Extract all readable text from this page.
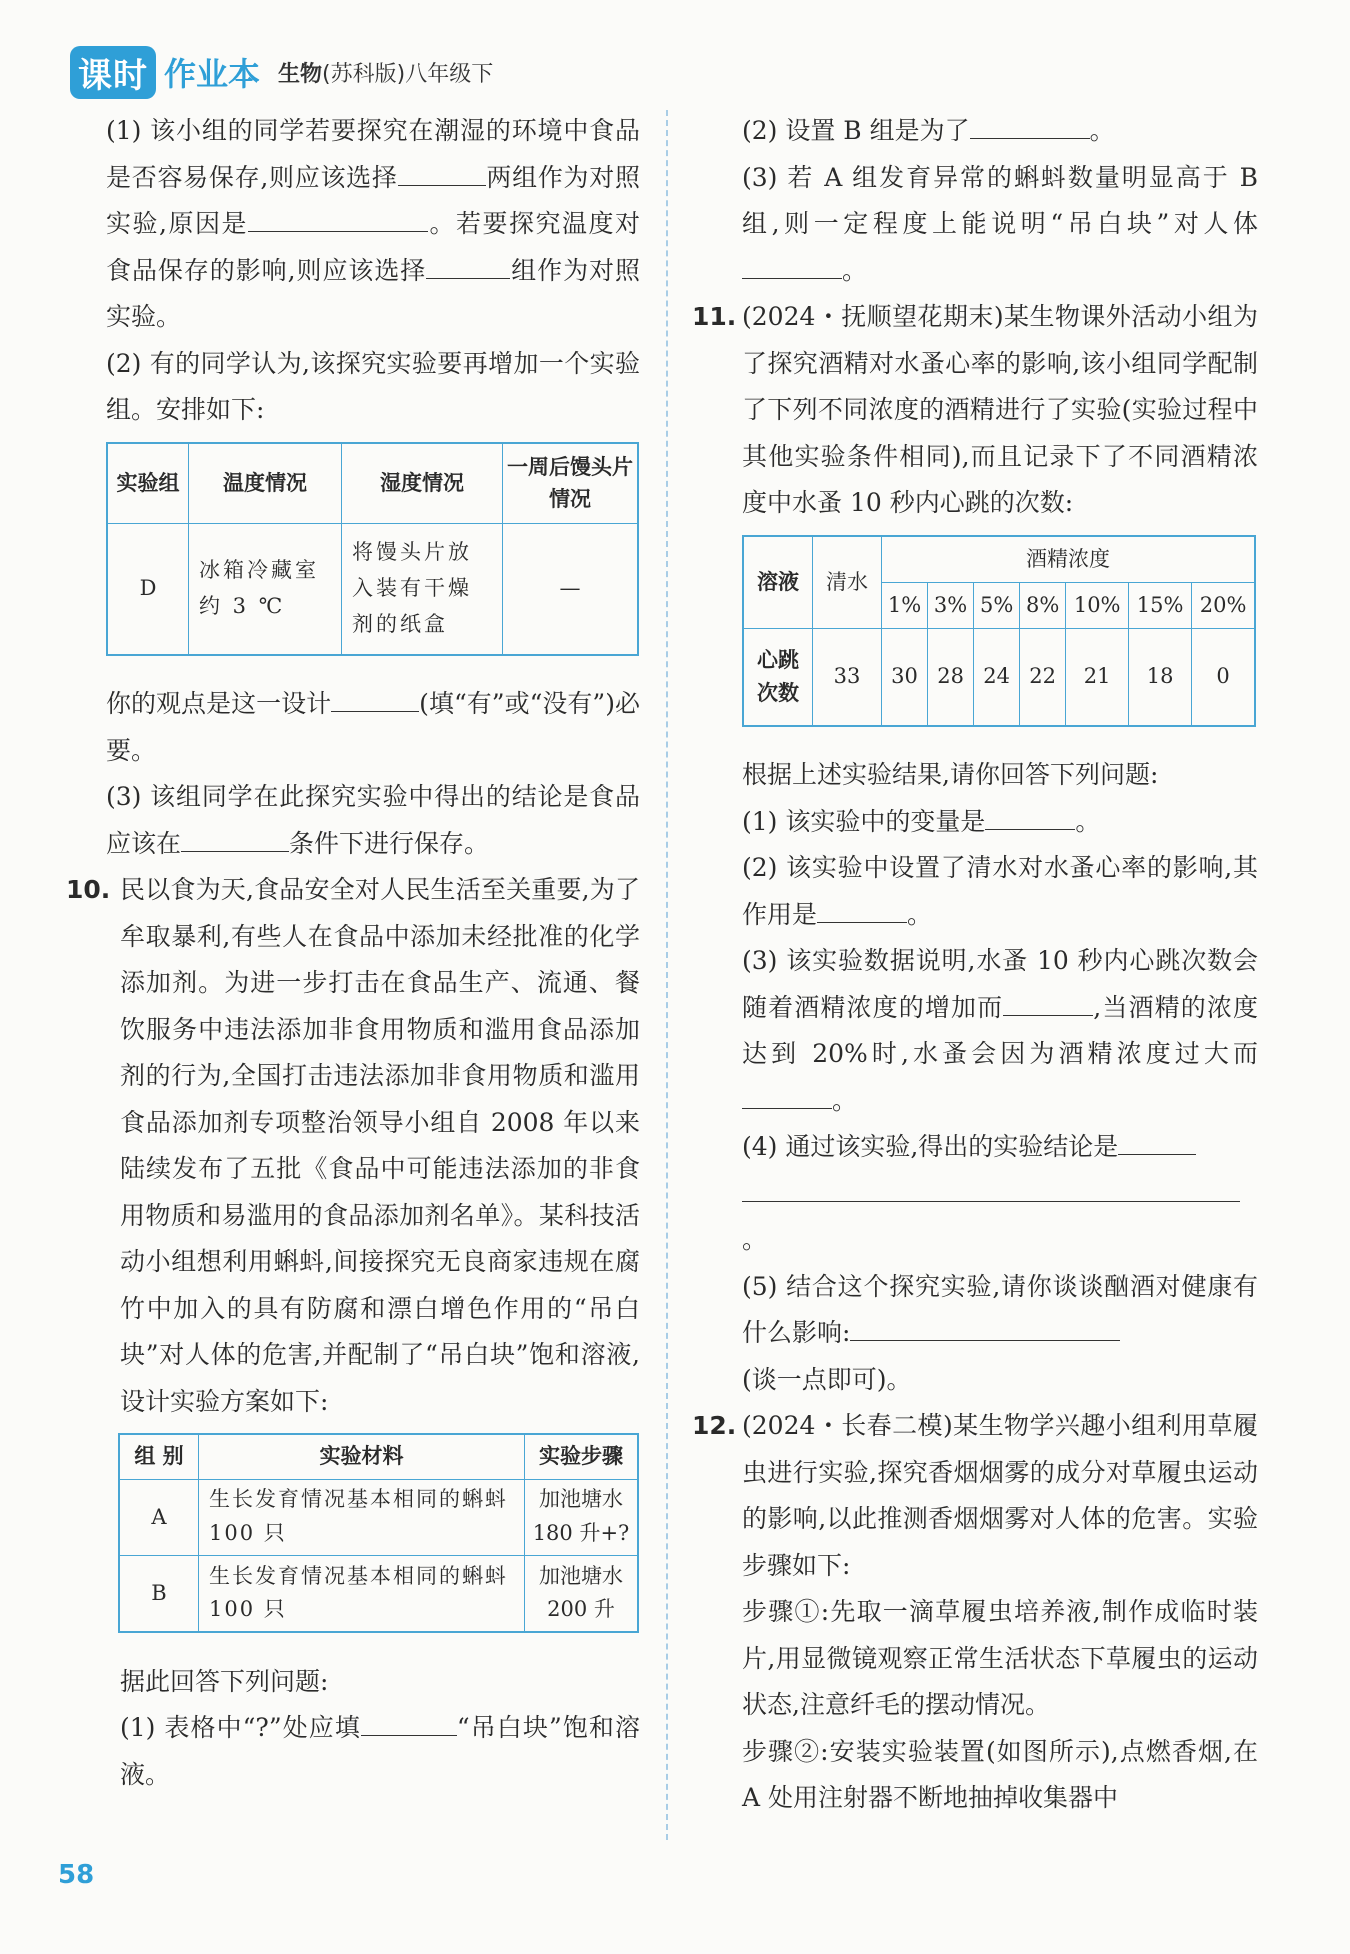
课时 作业本 生物(苏科版)八年级下

(1) 该小组的同学若要探究在潮湿的环境中食品是否容易保存,则应该选择	两组作为对照实验,原因是	。若要探究温度对食品保存的影响,则应该选择	组作为对照实验。

(2) 有的同学认为,该探究实验要再增加一个实验组。安排如下:

实验组	温度情况	湿度情况	一周后馒头片情况
D	冰箱冷藏室约 3 ℃	将馒头片放入装有干燥剂的纸盒	—

你的观点是这一设计	(填“有”或“没有”)必要。

(3) 该组同学在此探究实验中得出的结论是食品应该在	条件下进行保存。

10. 民以食为天,食品安全对人民生活至关重要,为了牟取暴利,有些人在食品中添加未经批准的化学添加剂。为进一步打击在食品生产、流通、餐饮服务中违法添加非食用物质和滥用食品添加剂的行为,全国打击违法添加非食用物质和滥用食品添加剂专项整治领导小组自 2008 年以来陆续发布了五批《食品中可能违法添加的非食用物质和易滥用的食品添加剂名单》。某科技活动小组想利用蝌蚪,间接探究无良商家违规在腐竹中加入的具有防腐和漂白增色作用的“吊白块”对人体的危害,并配制了“吊白块”饱和溶液,设计实验方案如下:

组 别	实验材料	实验步骤
A	生长发育情况基本相同的蝌蚪 100 只	加池塘水 180 升+?
B	生长发育情况基本相同的蝌蚪 100 只	加池塘水 200 升

据此回答下列问题:

(1) 表格中“?”处应填	“吊白块”饱和溶液。

(2) 设置 B 组是为了	。

(3) 若 A 组发育异常的蝌蚪数量明显高于 B 组,则一定程度上能说明“吊白块”对人体。

11. (2024・抚顺望花期末)某生物课外活动小组为了探究酒精对水蚤心率的影响,该小组同学配制了下列不同浓度的酒精进行了实验(实验过程中其他实验条件相同),而且记录下了不同酒精浓度中水蚤 10 秒内心跳的次数:

溶液	清水	酒精浓度						
		1%	3%	5%	8%	10%	15%	20%
心跳次数	33	30	28	24	22	21	18	0

根据上述实验结果,请你回答下列问题:

(1) 该实验中的变量是	。

(2) 该实验中设置了清水对水蚤心率的影响,其作用是	。

(3) 该实验数据说明,水蚤 10 秒内心跳次数会随着酒精浓度的增加而	,当酒精的浓度达到 20%时,水蚤会因为酒精浓度过大而。

(4) 通过该实验,得出的实验结论是
。

(5) 结合这个探究实验,请你谈谈酗酒对健康有什么影响:
(谈一点即可)。

12. (2024・长春二模)某生物学兴趣小组利用草履虫进行实验,探究香烟烟雾的成分对草履虫运动的影响,以此推测香烟烟雾对人体的危害。实验步骤如下:

步骤①:先取一滴草履虫培养液,制作成临时装片,用显微镜观察正常生活状态下草履虫的运动状态,注意纤毛的摆动情况。

步骤②:安装实验装置(如图所示),点燃香烟,在 A 处用注射器不断地抽掉收集器中

58
